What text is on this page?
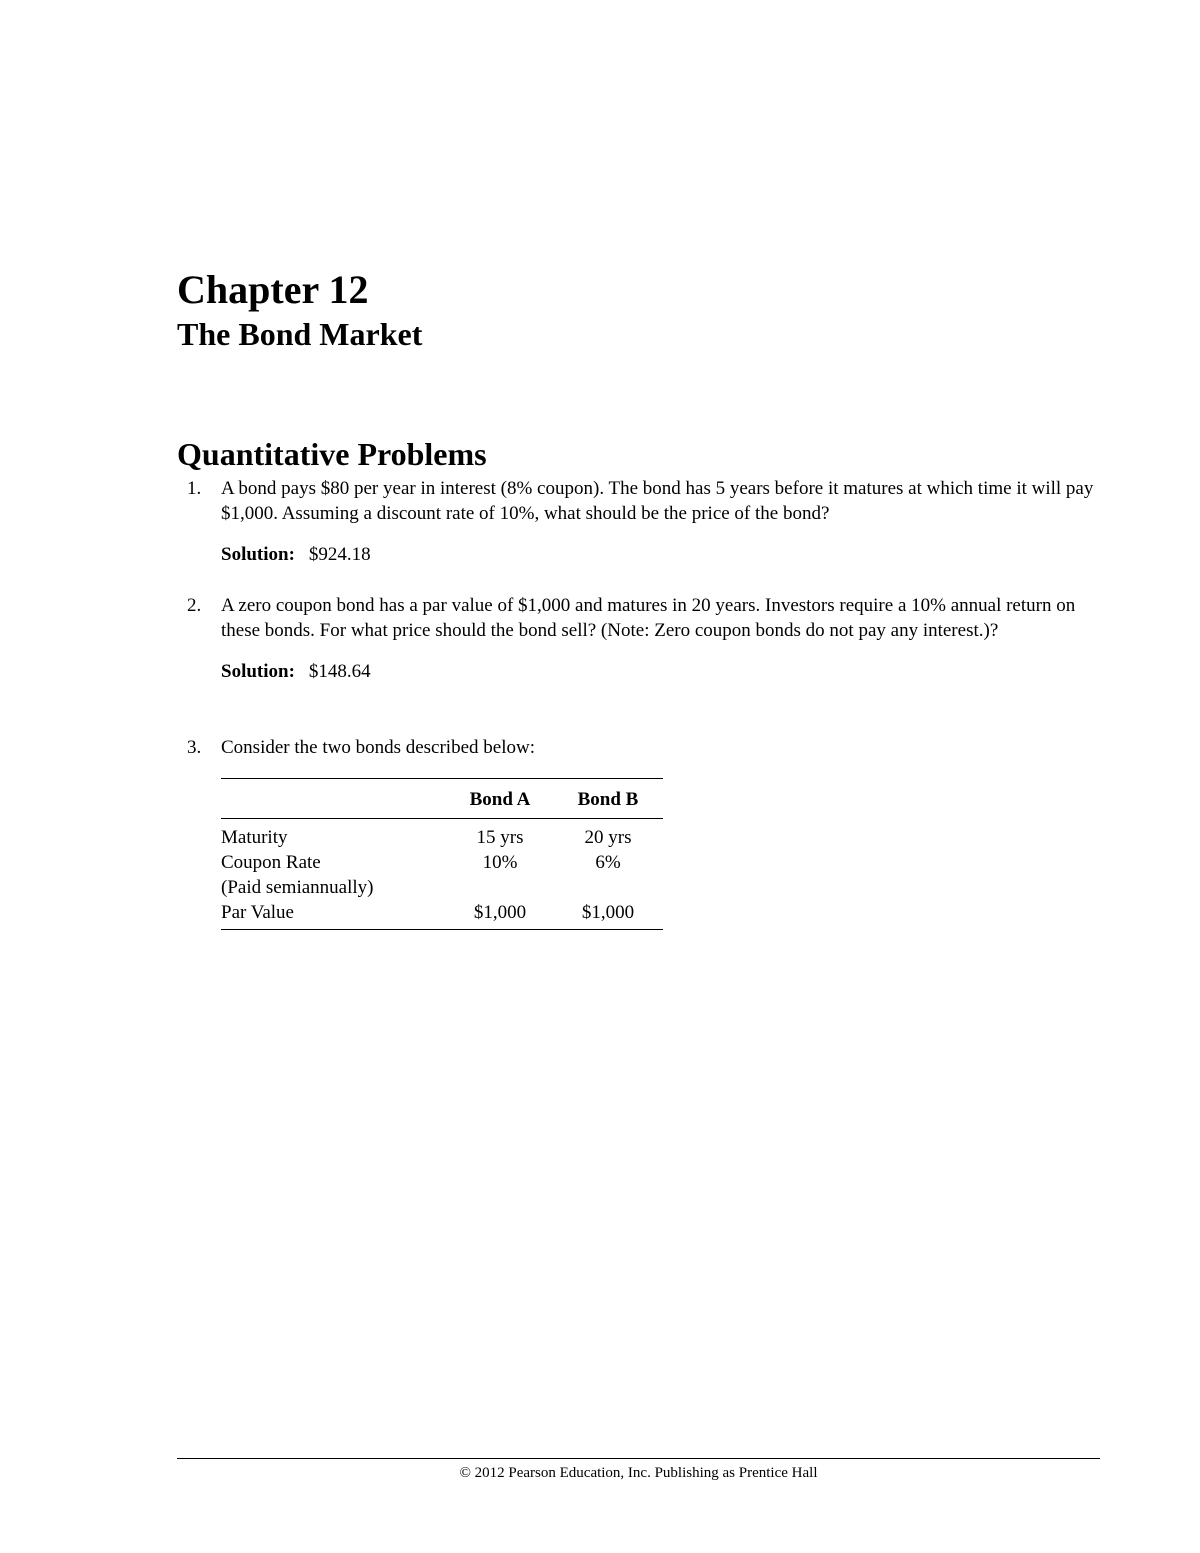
Chapter 12
The Bond Market
Quantitative Problems
1. A bond pays $80 per year in interest (8% coupon). The bond has 5 years before it matures at which time it will pay $1,000. Assuming a discount rate of 10%, what should be the price of the bond?
Solution: $924.18
2. A zero coupon bond has a par value of $1,000 and matures in 20 years. Investors require a 10% annual return on these bonds. For what price should the bond sell? (Note: Zero coupon bonds do not pay any interest.)?
Solution: $148.64
3. Consider the two bonds described below:
	Bond A	Bond B
Maturity	15 yrs	20 yrs
Coupon Rate	10%	6%
(Paid semiannually)		
Par Value	$1,000	$1,000
© 2012 Pearson Education, Inc. Publishing as Prentice Hall
